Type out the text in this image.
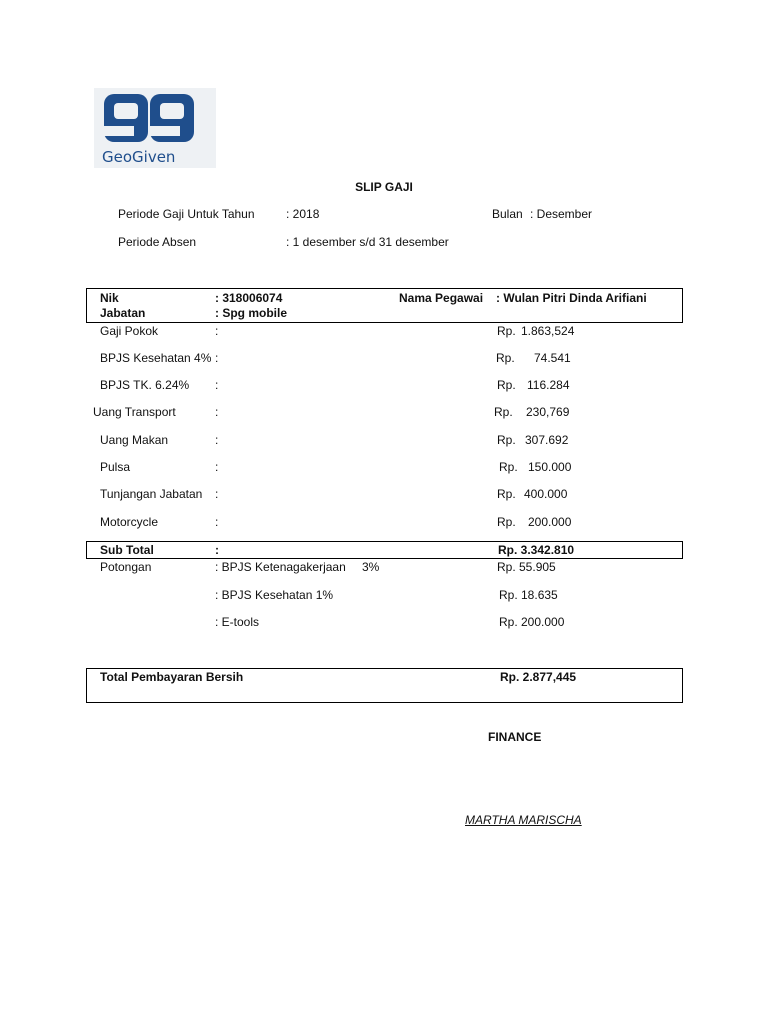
GeoGiven
SLIP GAJI
Periode Gaji Untuk Tahun	: 2018	Bulan : Desember
Periode Absen	: 1 desember s/d 31 desember
Nik	: 318006074	Nama Pegawai : Wulan Pitri Dinda Arifiani
Jabatan	: Spg mobile
Gaji Pokok	:	Rp. 1.863,524
BPJS Kesehatan 4% :	Rp. 74.541
BPJS TK. 6.24% :	Rp. 116.284
Uang Transport	:	Rp. 230,769
Uang Makan	:	Rp. 307.692
Pulsa	:	Rp. 150.000
Tunjangan Jabatan :	Rp. 400.000
Motorcycle	:	Rp. 200.000
Sub Total	:	Rp. 3.342.810
Potongan	: BPJS Ketenagakerjaan 3%	Rp. 55.905
: BPJS Kesehatan 1%	Rp. 18.635
: E-tools	Rp. 200.000
Total Pembayaran Bersih	Rp. 2.877,445
FINANCE
MARTHA MARISCHA
